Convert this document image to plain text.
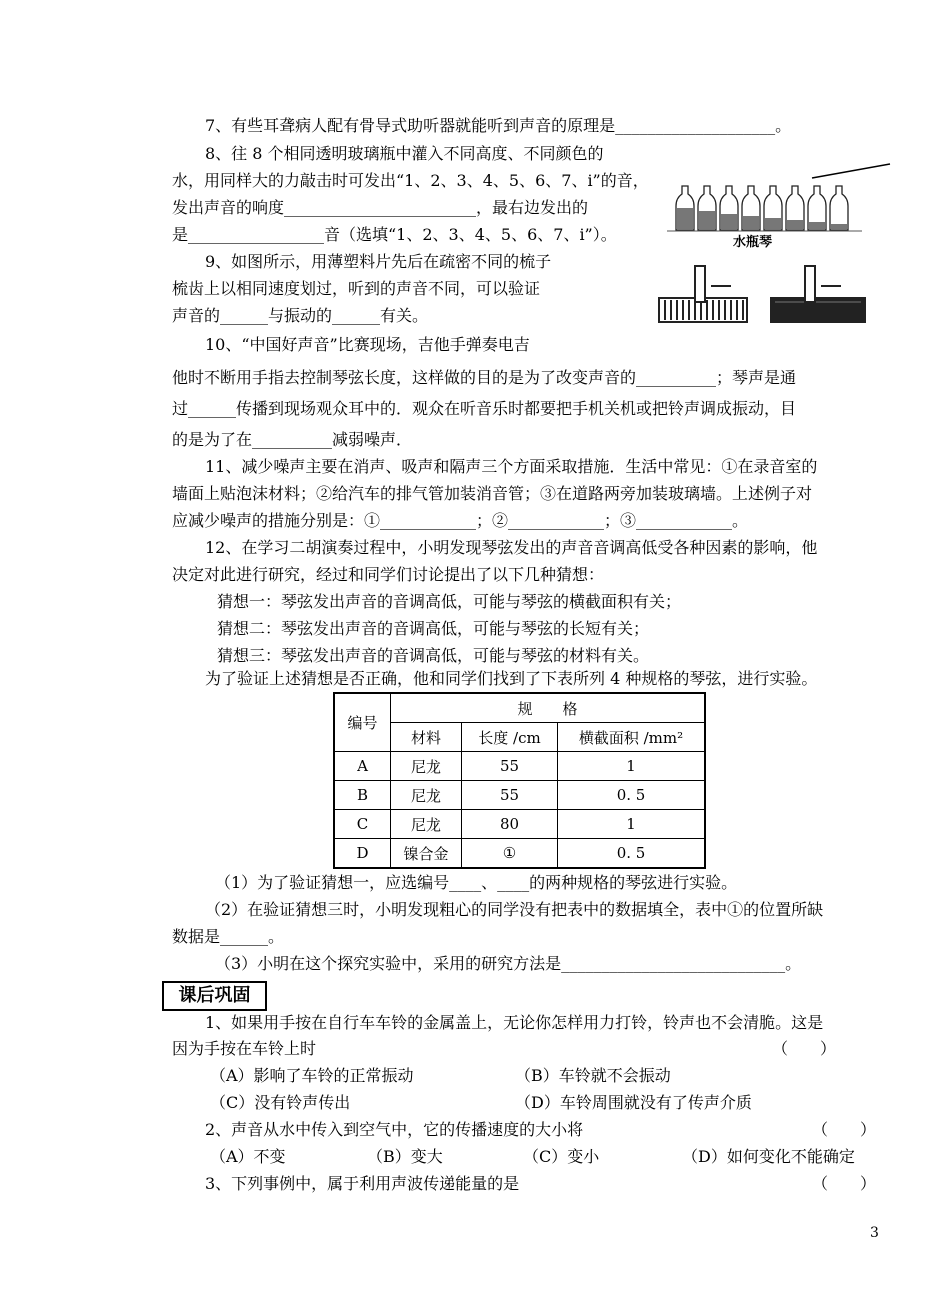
7、有些耳聋病人配有骨导式助听器就能听到声音的原理是____________________。
8、往 8 个相同透明玻璃瓶中灌入不同高度、不同颜色的
水，用同样大的力敲击时可发出“1、2、3、4、5、6、7、i”的音，
发出声音的响度________________________，最右边发出的
是_________________音（选填“1、2、3、4、5、6、7、i”）。	水瓶琴
9、如图所示，用薄塑料片先后在疏密不同的梳子
梳齿上以相同速度划过，听到的声音不同，可以验证
声音的______与振动的______有关。
10、“中国好声音”比赛现场，吉他手弹奏电吉
他时不断用手指去控制琴弦长度，这样做的目的是为了改变声音的__________；琴声是通
过______传播到现场观众耳中的．观众在听音乐时都要把手机关机或把铃声调成振动，目
的是为了在__________减弱噪声．
11、减少噪声主要在消声、吸声和隔声三个方面采取措施．生活中常见：①在录音室的
墙面上贴泡沫材料；②给汽车的排气管加装消音管；③在道路两旁加装玻璃墙。上述例子对
应减少噪声的措施分别是：①____________；②____________；③____________。
12、在学习二胡演奏过程中，小明发现琴弦发出的声音音调高低受各种因素的影响，他
决定对此进行研究，经过和同学们讨论提出了以下几种猜想：
猜想一：琴弦发出声音的音调高低，可能与琴弦的横截面积有关；
猜想二：琴弦发出声音的音调高低，可能与琴弦的长短有关；
猜想三：琴弦发出声音的音调高低，可能与琴弦的材料有关。
为了验证上述猜想是否正确，他和同学们找到了下表所列 4 种规格的琴弦，进行实验。
编号	规　　格		
	材料	长度 /cm	横截面积 /mm²
A	尼龙	55	1
B	尼龙	55	0. 5
C	尼龙	80	1
D	镍合金	①	0. 5
（1）为了验证猜想一，应选编号____、____的两种规格的琴弦进行实验。
（2）在验证猜想三时，小明发现粗心的同学没有把表中的数据填全，表中①的位置所缺
数据是______。
（3）小明在这个探究实验中，采用的研究方法是____________________________。
课后巩固
1、如果用手按在自行车车铃的金属盖上，无论你怎样用力打铃，铃声也不会清脆。这是
因为手按在车铃上时	（　　）
（A）影响了车铃的正常振动	（B）车铃就不会振动
（C）没有铃声传出	（D）车铃周围就没有了传声介质
2、声音从水中传入到空气中，它的传播速度的大小将	（　　）
（A）不变	（B）变大	（C）变小	（D）如何变化不能确定
3、下列事例中，属于利用声波传递能量的是	（　　）
3
